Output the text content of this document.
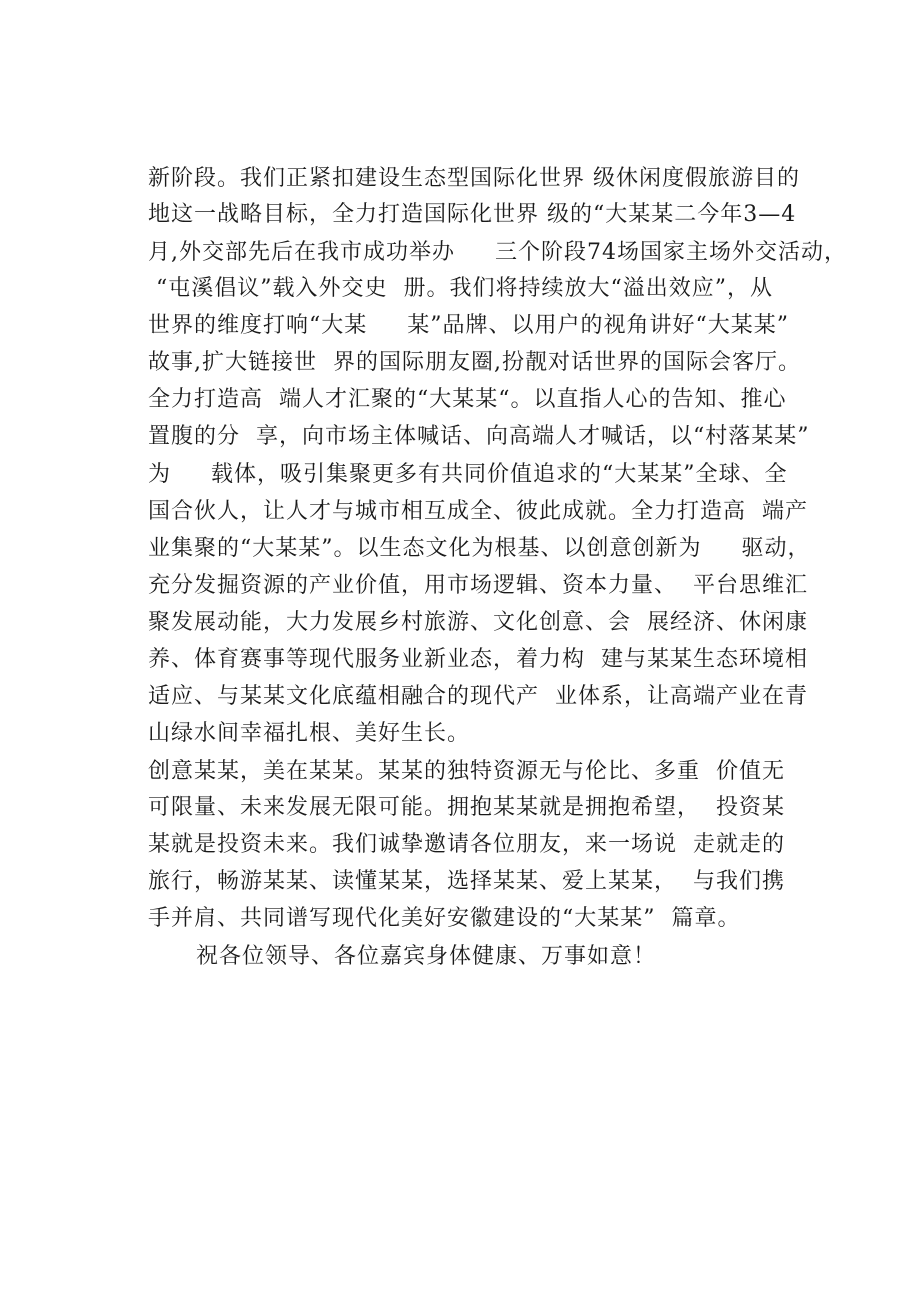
新阶段。我们正紧扣建设生态型国际化世界 级休闲度假旅游目的
地这一战略目标，全力打造国际化世界 级的“大某某二今年3—4
月,外交部先后在我市成功举办     三个阶段74场国家主场外交活动，
“屯溪倡议”载入外交史  册。我们将持续放大“溢出效应”，从
世界的维度打响“大某     某”品牌、以用户的视角讲好“大某某”
故事,扩大链接世  界的国际朋友圈,扮靓对话世界的国际会客厅。
全力打造高  端人才汇聚的“大某某“。以直指人心的告知、推心
置腹的分  享，向市场主体喊话、向高端人才喊话，以“村落某某”
为     载体，吸引集聚更多有共同价值追求的“大某某”全球、全
国合伙人，让人才与城市相互成全、彼此成就。全力打造高  端产
业集聚的“大某某”。以生态文化为根基、以创意创新为     驱动，
充分发掘资源的产业价值，用市场逻辑、资本力量、  平台思维汇
聚发展动能，大力发展乡村旅游、文化创意、会  展经济、休闲康
养、体育赛事等现代服务业新业态，着力构  建与某某生态环境相
适应、与某某文化底蕴相融合的现代产  业体系，让高端产业在青
山绿水间幸福扎根、美好生长。
创意某某，美在某某。某某的独特资源无与伦比、多重  价值无
可限量、未来发展无限可能。拥抱某某就是拥抱希望，  投资某
某就是投资未来。我们诚挚邀请各位朋友，来一场说  走就走的
旅行，畅游某某、读懂某某，选择某某、爱上某某，  与我们携
手并肩、共同谱写现代化美好安徽建设的“大某某”  篇章。
祝各位领导、各位嘉宾身体健康、万事如意！
